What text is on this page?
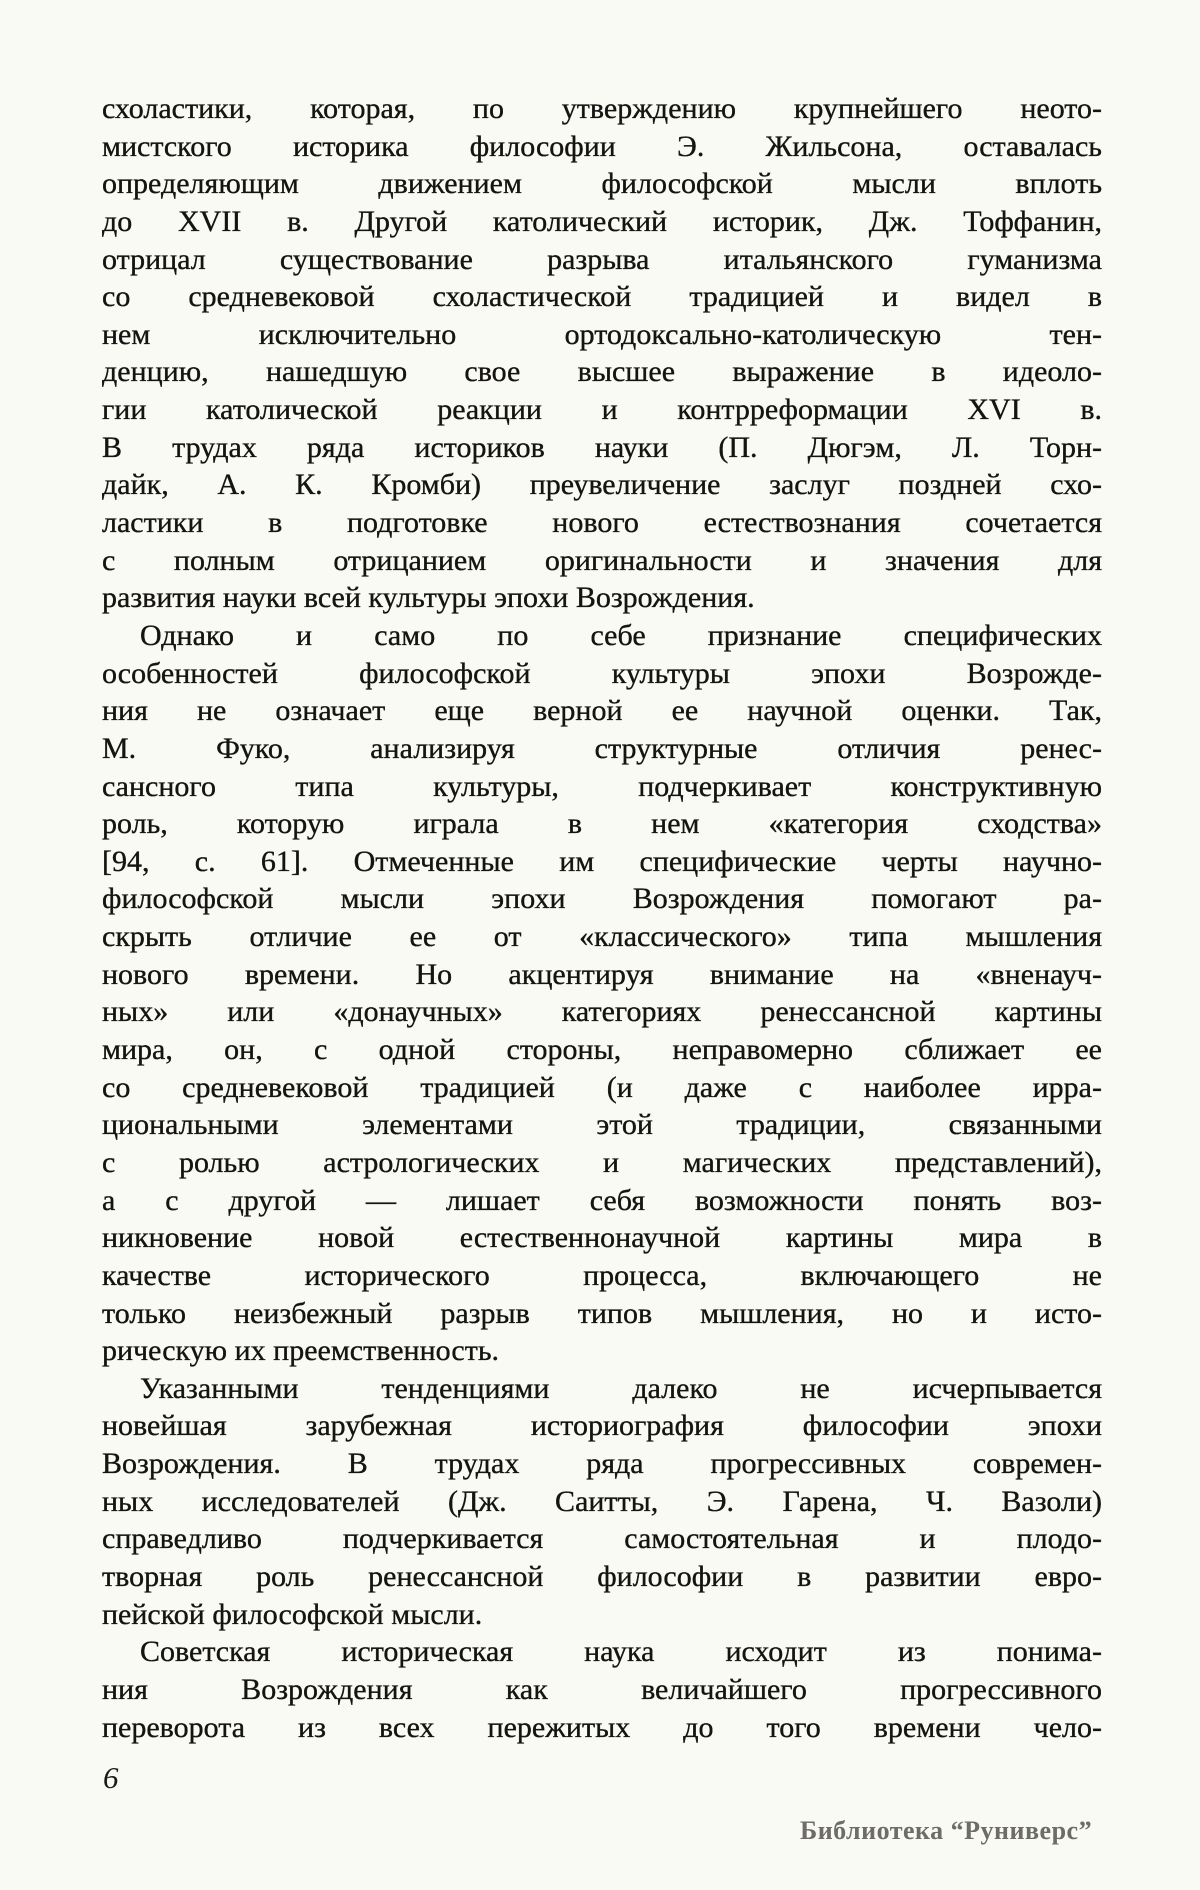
схоластики, которая, по утверждению крупнейшего неото-
мистского историка философии Э. Жильсона, оставалась
определяющим движением философской мысли вплоть
до XVII в. Другой католический историк, Дж. Тоффанин,
отрицал существование разрыва итальянского гуманизма
со средневековой схоластической традицией и видел в
нем исключительно ортодоксально-католическую тен-
денцию, нашедшую свое высшее выражение в идеоло-
гии католической реакции и контрреформации XVI в.
В трудах ряда историков науки (П. Дюгэм, Л. Торн-
дайк, А. К. Кромби) преувеличение заслуг поздней схо-
ластики в подготовке нового естествознания сочетается
с полным отрицанием оригинальности и значения для
развития науки всей культуры эпохи Возрождения.
Однако и само по себе признание специфических
особенностей философской культуры эпохи Возрожде-
ния не означает еще верной ее научной оценки. Так,
М. Фуко, анализируя структурные отличия ренес-
сансного типа культуры, подчеркивает конструктивную
роль, которую играла в нем «категория сходства»
[94, с. 61]. Отмеченные им специфические черты научно-
философской мысли эпохи Возрождения помогают ра-
скрыть отличие ее от «классического» типа мышления
нового времени. Но акцентируя внимание на «вненауч-
ных» или «донаучных» категориях ренессансной картины
мира, он, с одной стороны, неправомерно сближает ее
со средневековой традицией (и даже с наиболее ирра-
циональными элементами этой традиции, связанными
с ролью астрологических и магических представлений),
а с другой — лишает себя возможности понять воз-
никновение новой естественнонаучной картины мира в
качестве исторического процесса, включающего не
только неизбежный разрыв типов мышления, но и исто-
рическую их преемственность.
Указанными тенденциями далеко не исчерпывается
новейшая зарубежная историография философии эпохи
Возрождения. В трудах ряда прогрессивных современ-
ных исследователей (Дж. Саитты, Э. Гарена, Ч. Вазоли)
справедливо подчеркивается самостоятельная и плодо-
творная роль ренессансной философии в развитии евро-
пейской философской мысли.
Советская историческая наука исходит из понима-
ния Возрождения как величайшего прогрессивного
переворота из всех пережитых до того времени чело-
6
Библиотека “Руниверс”
